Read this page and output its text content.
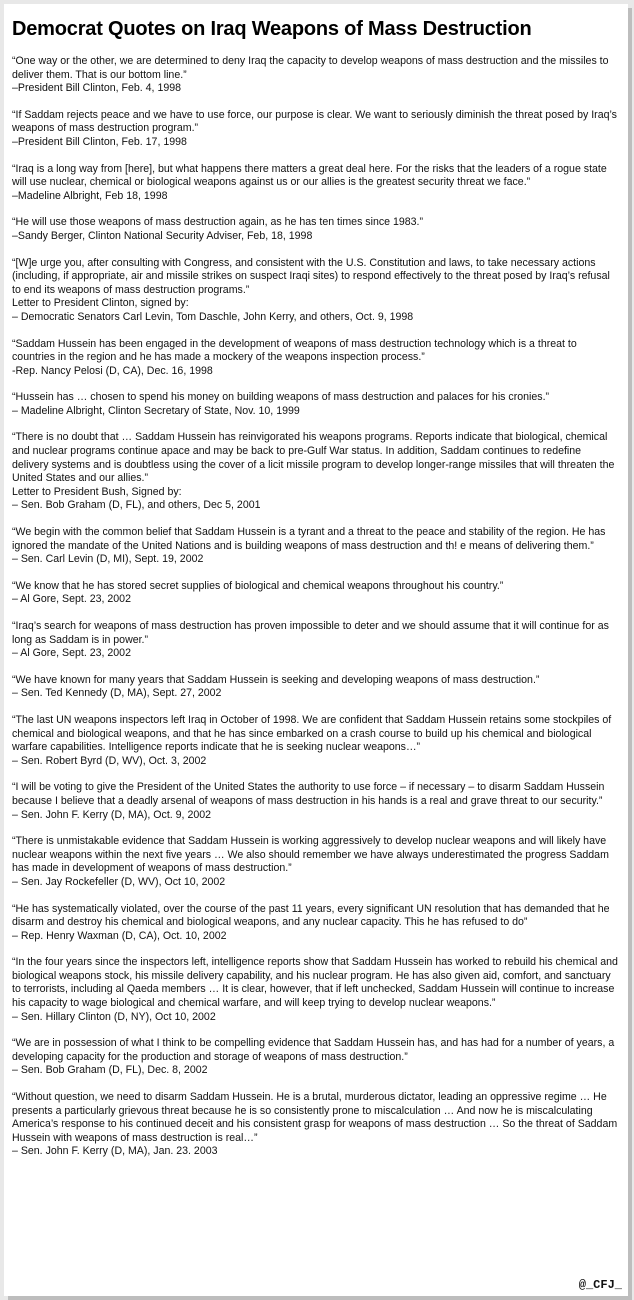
Democrat Quotes on Iraq Weapons of Mass Destruction
“One way or the other, we are determined to deny Iraq the capacity to develop weapons of mass destruction and the missiles to deliver them. That is our bottom line.”
–President Bill Clinton, Feb. 4, 1998
“If Saddam rejects peace and we have to use force, our purpose is clear. We want to seriously diminish the threat posed by Iraq’s weapons of mass destruction program.”
–President Bill Clinton, Feb. 17, 1998
“Iraq is a long way from [here], but what happens there matters a great deal here. For the risks that the leaders of a rogue state will use nuclear, chemical or biological weapons against us or our allies is the greatest security threat we face.”
–Madeline Albright, Feb 18, 1998
“He will use those weapons of mass destruction again, as he has ten times since 1983.”
–Sandy Berger, Clinton National Security Adviser, Feb, 18, 1998
“[W]e urge you, after consulting with Congress, and consistent with the U.S. Constitution and laws, to take necessary actions (including, if appropriate, air and missile strikes on suspect Iraqi sites) to respond effectively to the threat posed by Iraq’s refusal to end its weapons of mass destruction programs.”
Letter to President Clinton, signed by:
– Democratic Senators Carl Levin, Tom Daschle, John Kerry, and others, Oct. 9, 1998
“Saddam Hussein has been engaged in the development of weapons of mass destruction technology which is a threat to countries in the region and he has made a mockery of the weapons inspection process.”
-Rep. Nancy Pelosi (D, CA), Dec. 16, 1998
“Hussein has … chosen to spend his money on building weapons of mass destruction and palaces for his cronies.”
– Madeline Albright, Clinton Secretary of State, Nov. 10, 1999
“There is no doubt that … Saddam Hussein has reinvigorated his weapons programs. Reports indicate that biological, chemical and nuclear programs continue apace and may be back to pre-Gulf War status. In addition, Saddam continues to redefine delivery systems and is doubtless using the cover of a licit missile program to develop longer-range missiles that will threaten the United States and our allies.”
Letter to President Bush, Signed by:
– Sen. Bob Graham (D, FL), and others, Dec 5, 2001
“We begin with the common belief that Saddam Hussein is a tyrant and a threat to the peace and stability of the region. He has ignored the mandate of the United Nations and is building weapons of mass destruction and th! e means of delivering them.”
– Sen. Carl Levin (D, MI), Sept. 19, 2002
“We know that he has stored secret supplies of biological and chemical weapons throughout his country.”
– Al Gore, Sept. 23, 2002
“Iraq’s search for weapons of mass destruction has proven impossible to deter and we should assume that it will continue for as long as Saddam is in power.”
– Al Gore, Sept. 23, 2002
“We have known for many years that Saddam Hussein is seeking and developing weapons of mass destruction.”
– Sen. Ted Kennedy (D, MA), Sept. 27, 2002
“The last UN weapons inspectors left Iraq in October of 1998. We are confident that Saddam Hussein retains some stockpiles of chemical and biological weapons, and that he has since embarked on a crash course to build up his chemical and biological warfare capabilities. Intelligence reports indicate that he is seeking nuclear weapons…”
– Sen. Robert Byrd (D, WV), Oct. 3, 2002
“I will be voting to give the President of the United States the authority to use force – if necessary – to disarm Saddam Hussein because I believe that a deadly arsenal of weapons of mass destruction in his hands is a real and grave threat to our security.”
– Sen. John F. Kerry (D, MA), Oct. 9, 2002
“There is unmistakable evidence that Saddam Hussein is working aggressively to develop nuclear weapons and will likely have nuclear weapons within the next five years … We also should remember we have always underestimated the progress Saddam has made in development of weapons of mass destruction.”
– Sen. Jay Rockefeller (D, WV), Oct 10, 2002
“He has systematically violated, over the course of the past 11 years, every significant UN resolution that has demanded that he disarm and destroy his chemical and biological weapons, and any nuclear capacity. This he has refused to do”
– Rep. Henry Waxman (D, CA), Oct. 10, 2002
“In the four years since the inspectors left, intelligence reports show that Saddam Hussein has worked to rebuild his chemical and biological weapons stock, his missile delivery capability, and his nuclear program. He has also given aid, comfort, and sanctuary to terrorists, including al Qaeda members … It is clear, however, that if left unchecked, Saddam Hussein will continue to increase his capacity to wage biological and chemical warfare, and will keep trying to develop nuclear weapons.”
– Sen. Hillary Clinton (D, NY), Oct 10, 2002
“We are in possession of what I think to be compelling evidence that Saddam Hussein has, and has had for a number of years, a developing capacity for the production and storage of weapons of mass destruction.”
– Sen. Bob Graham (D, FL), Dec. 8, 2002
“Without question, we need to disarm Saddam Hussein. He is a brutal, murderous dictator, leading an oppressive regime … He presents a particularly grievous threat because he is so consistently prone to miscalculation … And now he is miscalculating America’s response to his continued deceit and his consistent grasp for weapons of mass destruction … So the threat of Saddam Hussein with weapons of mass destruction is real…”
– Sen. John F. Kerry (D, MA), Jan. 23. 2003
@_CFJ_
